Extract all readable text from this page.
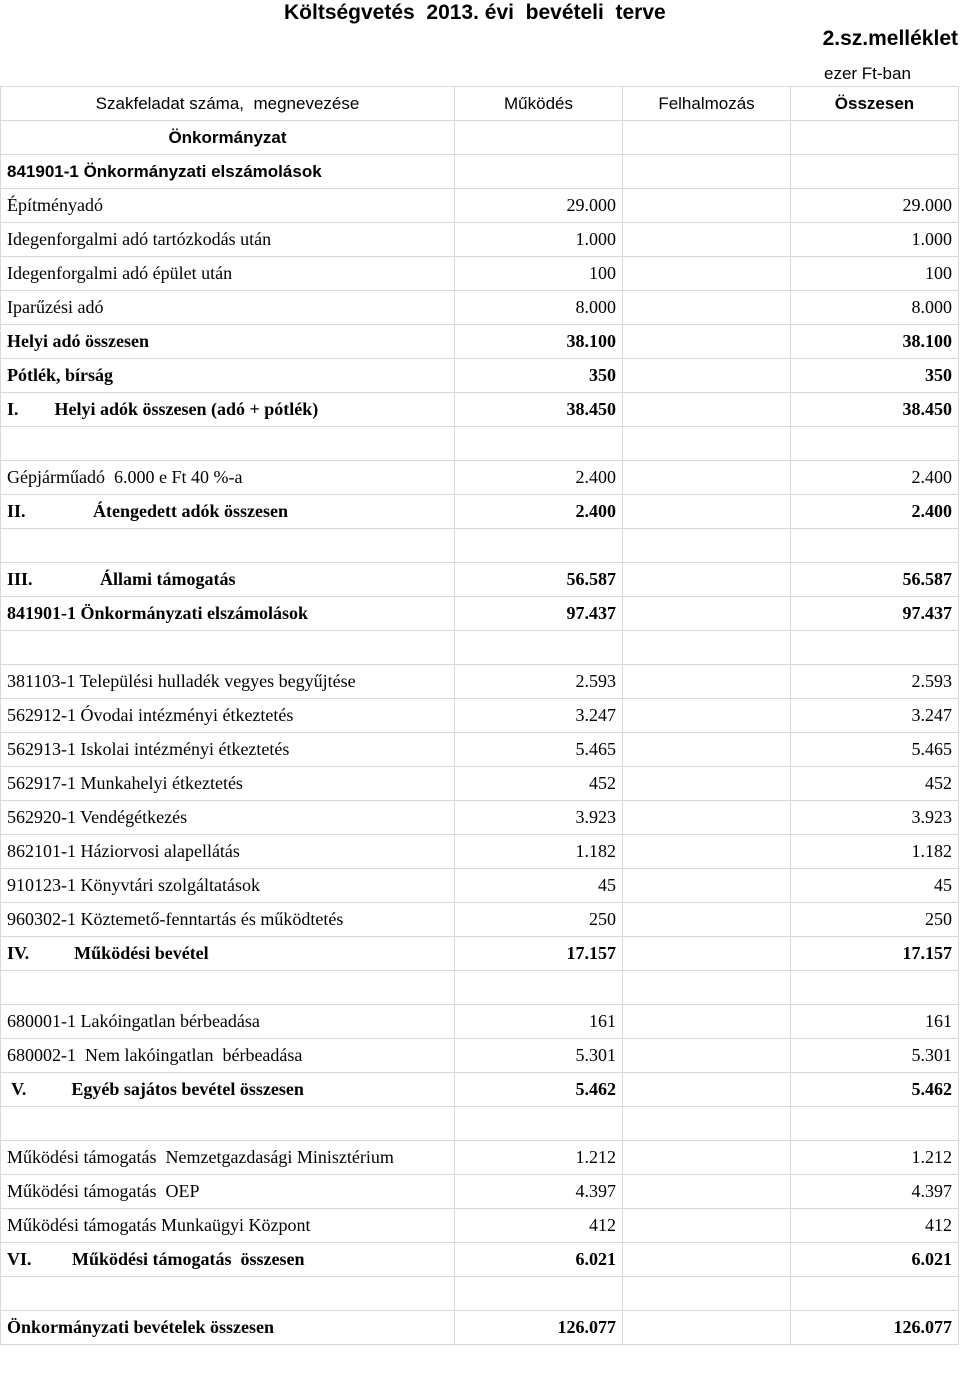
Költségvetés  2013. évi  bevételi  terve
2.sz.melléklet
ezer Ft-ban
Szakfeladat száma,  megnevezése	Működés	Felhalmozás	Összesen
Önkormányzat			
841901-1 Önkormányzati elszámolások			
Építményadó	29.000		29.000
Idegenforgalmi adó tartózkodás után	1.000		1.000
Idegenforgalmi adó épület után	100		100
Iparűzési adó	8.000		8.000
Helyi adó összesen	38.100		38.100
Pótlék, bírság	350		350
I.        Helyi adók összesen (adó + pótlék)	38.450		38.450

Gépjárműadó  6.000 e Ft 40 %-a	2.400		2.400
II.               Átengedett adók összesen	2.400		2.400

III.               Állami támogatás	56.587		56.587
841901-1 Önkormányzati elszámolások	97.437		97.437

381103-1 Települési hulladék vegyes begyűjtése	2.593		2.593
562912-1 Óvodai intézményi étkeztetés	3.247		3.247
562913-1 Iskolai intézményi étkeztetés	5.465		5.465
562917-1 Munkahelyi étkeztetés	452		452
562920-1 Vendégétkezés	3.923		3.923
862101-1 Háziorvosi alapellátás	1.182		1.182
910123-1 Könyvtári szolgáltatások	45		45
960302-1 Köztemető-fenntartás és működtetés	250		250
IV.          Működési bevétel	17.157		17.157

680001-1 Lakóingatlan bérbeadása	161		161
680002-1  Nem lakóingatlan  bérbeadása	5.301		5.301
V.          Egyéb sajátos bevétel összesen	5.462		5.462

Működési támogatás  Nemzetgazdasági Minisztérium	1.212		1.212
Működési támogatás  OEP	4.397		4.397
Működési támogatás Munkaügyi Központ	412		412
VI.         Működési támogatás  összesen	6.021		6.021

Önkormányzati bevételek összesen	126.077		126.077
